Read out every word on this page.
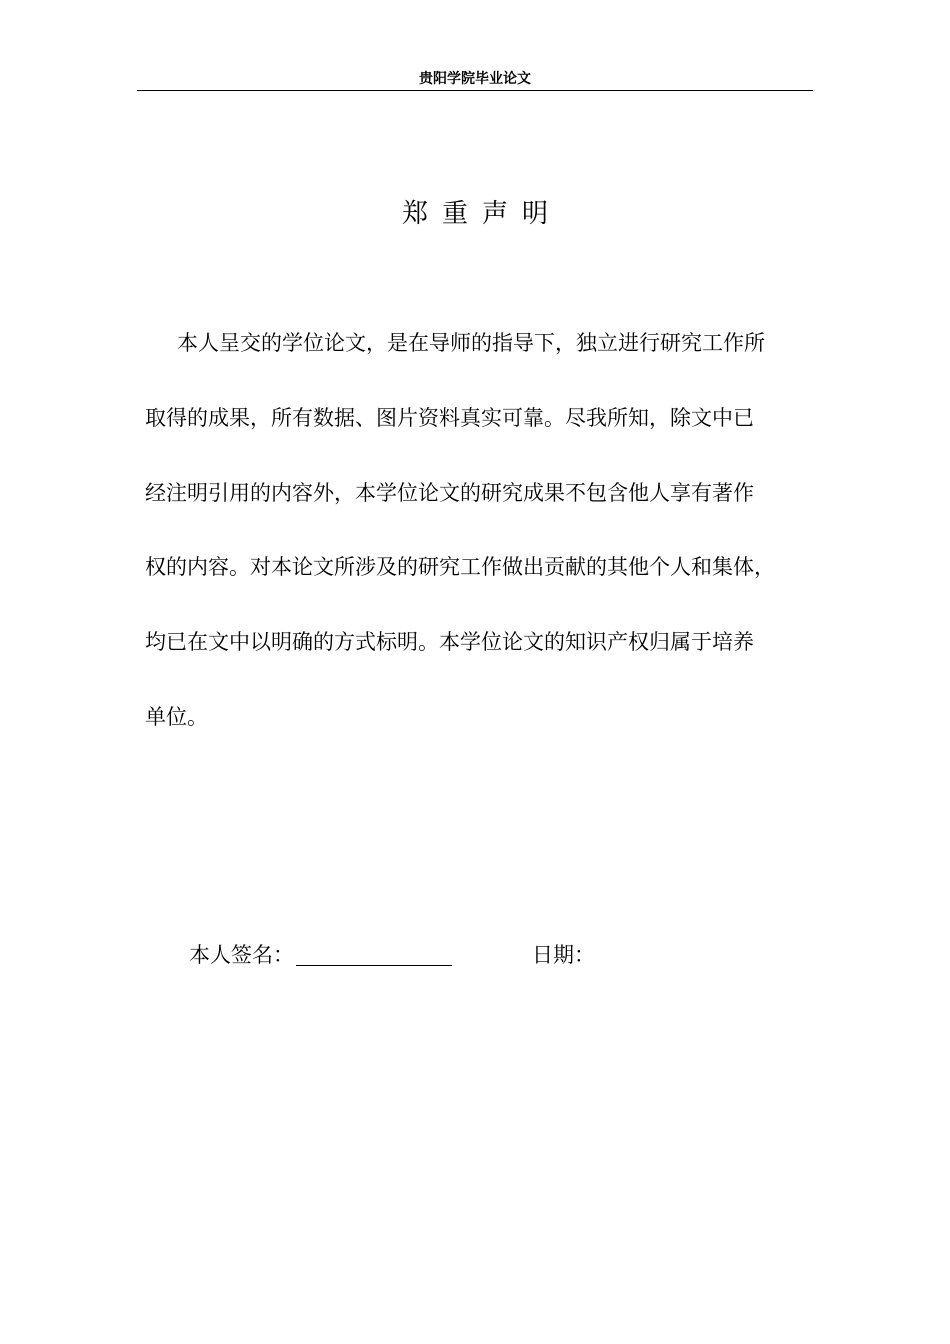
贵阳学院毕业论文
郑重声明
本人呈交的学位论文，是在导师的指导下，独立进行研究工作所
取得的成果，所有数据、图片资料真实可靠。尽我所知，除文中已
经注明引用的内容外，本学位论文的研究成果不包含他人享有著作
权的内容。对本论文所涉及的研究工作做出贡献的其他个人和集体，
均已在文中以明确的方式标明。本学位论文的知识产权归属于培养
单位。
本人签名：	日期：
